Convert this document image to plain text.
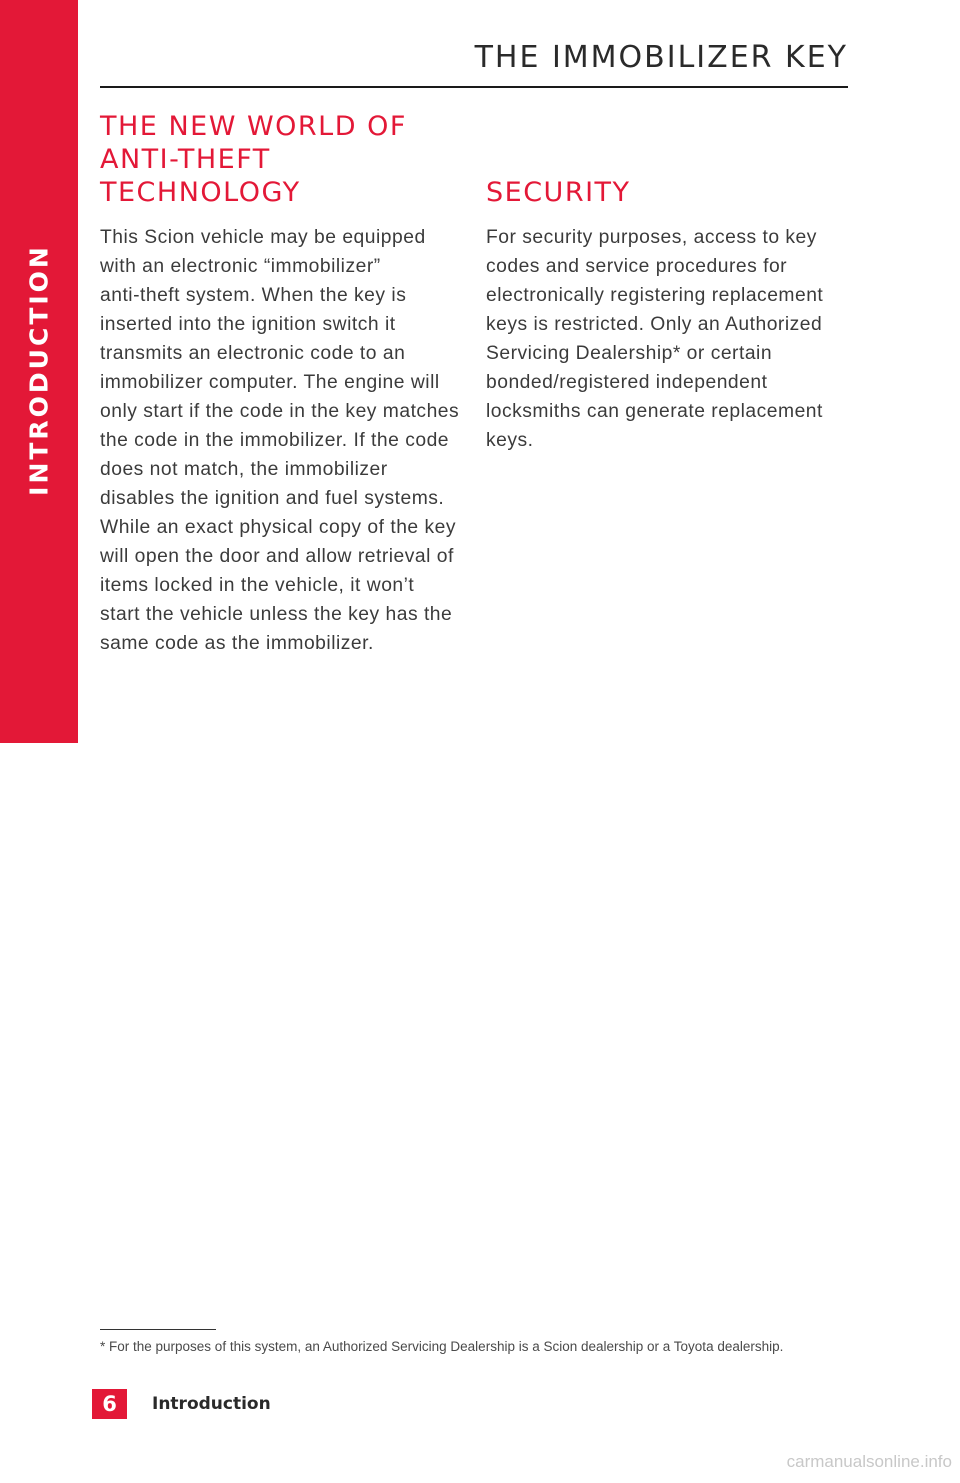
INTRODUCTION
THE IMMOBILIZER KEY
THE NEW WORLD OF
ANTI-THEFT
TECHNOLOGY

This Scion vehicle may be equipped
with an electronic “immobilizer”
anti-theft system. When the key is
inserted into the ignition switch it
transmits an electronic code to an
immobilizer computer. The engine will
only start if the code in the key matches
the code in the immobilizer. If the code
does not match, the immobilizer
disables the ignition and fuel systems.
While an exact physical copy of the key
will open the door and allow retrieval of
items locked in the vehicle, it won’t
start the vehicle unless the key has the
same code as the immobilizer.

SECURITY

For security purposes, access to key
codes and service procedures for
electronically registering replacement
keys is restricted. Only an Authorized
Servicing Dealership* or certain
bonded/registered independent
locksmiths can generate replacement
keys.

* For the purposes of this system, an Authorized Servicing Dealership is a Scion dealership or a Toyota dealership.

6	Introduction
carmanualsonline.info
